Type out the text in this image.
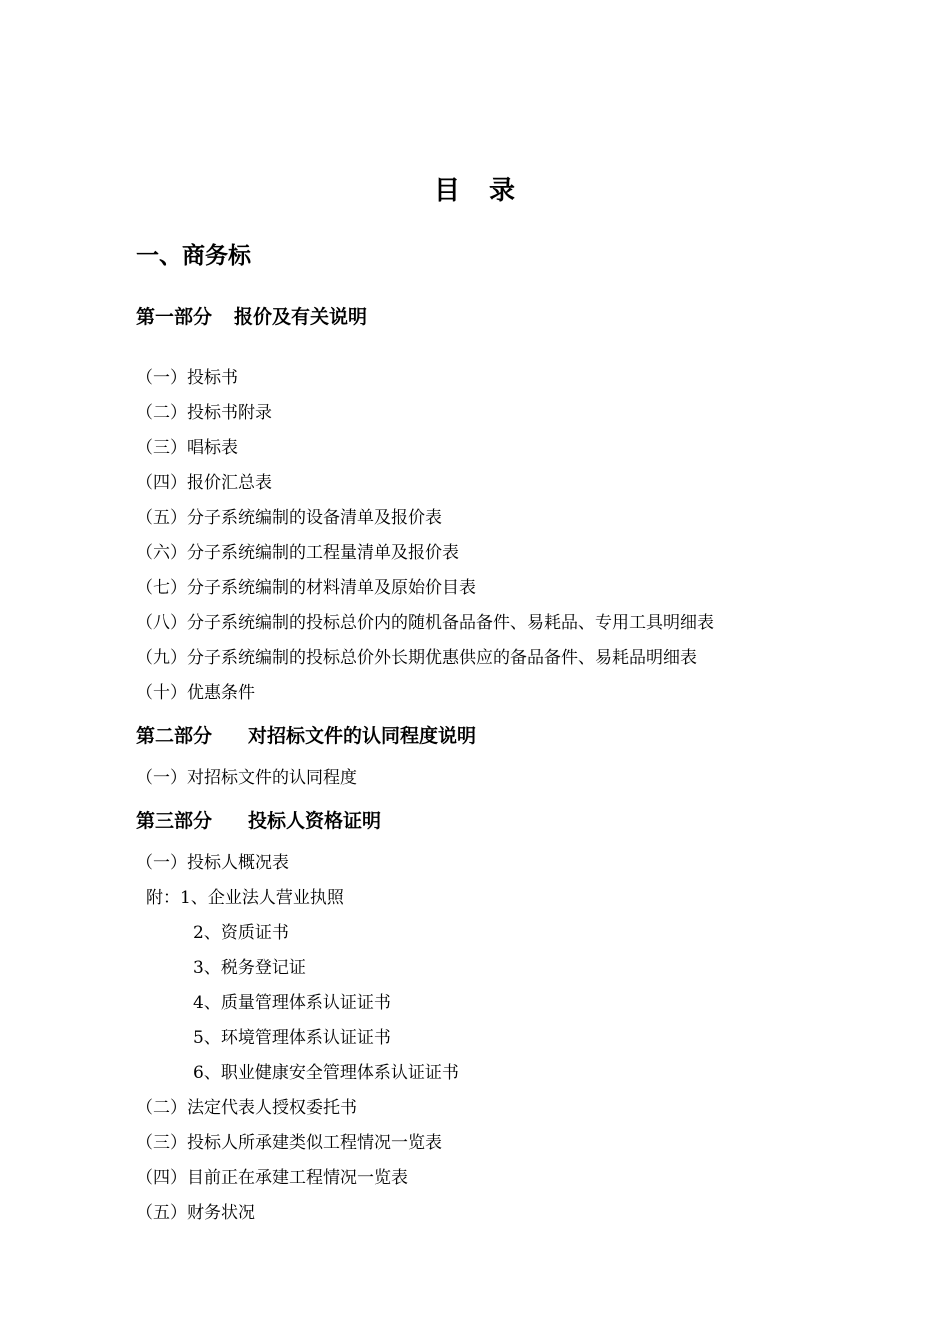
目 录
一、商务标
第一部分 报价及有关说明
（一）投标书
（二）投标书附录
（三）唱标表
（四）报价汇总表
（五）分子系统编制的设备清单及报价表
（六）分子系统编制的工程量清单及报价表
（七）分子系统编制的材料清单及原始价目表
（八）分子系统编制的投标总价内的随机备品备件、易耗品、专用工具明细表
（九）分子系统编制的投标总价外长期优惠供应的备品备件、易耗品明细表
（十）优惠条件
第二部分 对招标文件的认同程度说明
（一）对招标文件的认同程度
第三部分 投标人资格证明
（一）投标人概况表
附：1、企业法人营业执照
2、资质证书
3、税务登记证
4、质量管理体系认证证书
5、环境管理体系认证证书
6、职业健康安全管理体系认证证书
（二）法定代表人授权委托书
（三）投标人所承建类似工程情况一览表
（四）目前正在承建工程情况一览表
（五）财务状况
